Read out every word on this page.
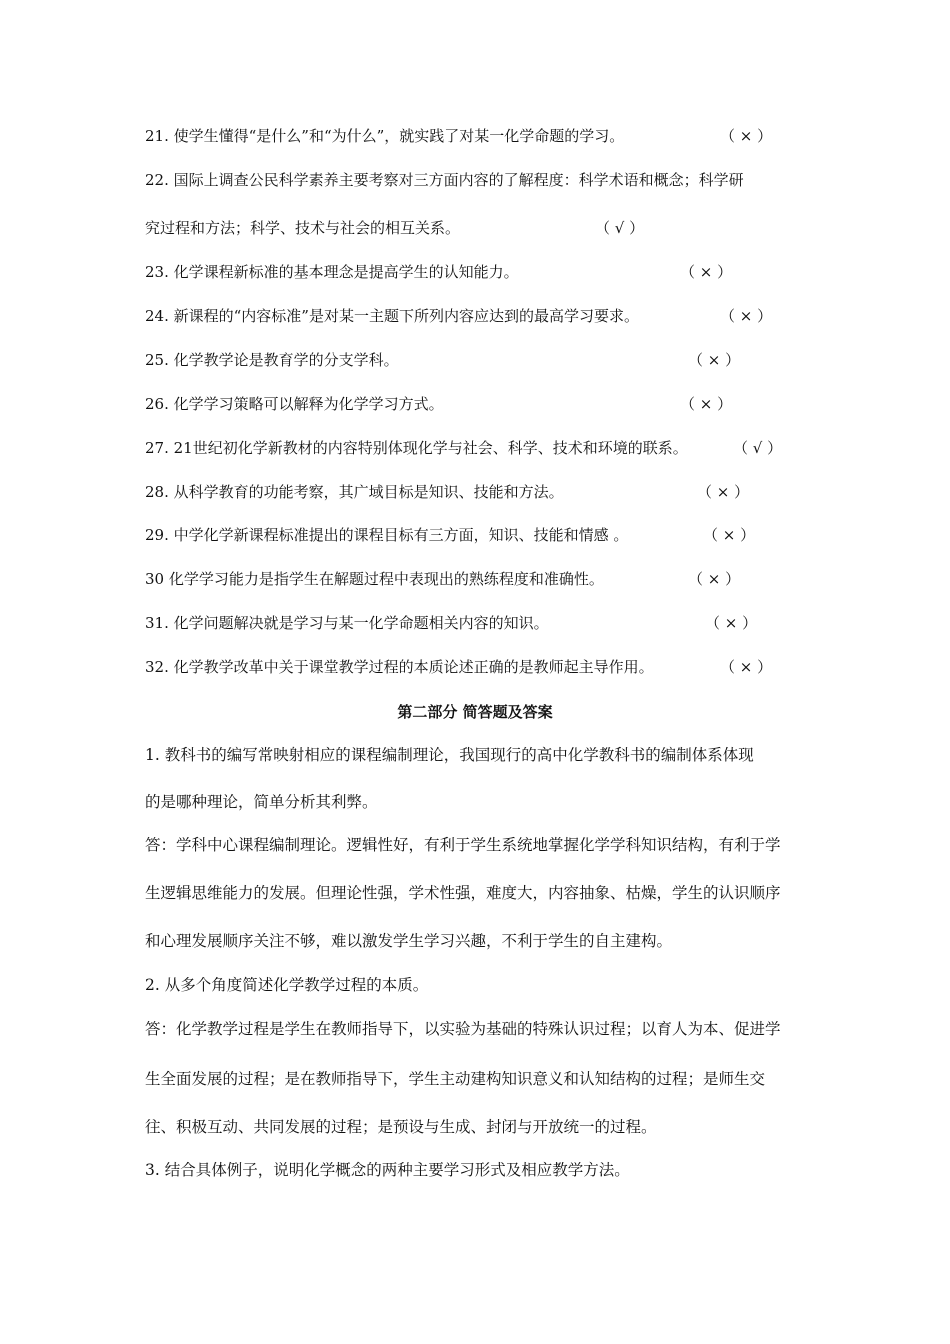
21. 使学生懂得“是什么”和“为什么”，就实践了对某一化学命题的学习。	（ × ）
22. 国际上调查公民科学素养主要考察对三方面内容的了解程度：科学术语和概念；科学研
究过程和方法；科学、技术与社会的相互关系。	（ √ ）
23. 化学课程新标准的基本理念是提高学生的认知能力。	（ × ）
24. 新课程的“内容标准”是对某一主题下所列内容应达到的最高学习要求。	（ × ）
25. 化学教学论是教育学的分支学科。	（ × ）
26. 化学学习策略可以解释为化学学习方式。	（ × ）
27. 21世纪初化学新教材的内容特别体现化学与社会、科学、技术和环境的联系。	（ √ ）
28. 从科学教育的功能考察，其广域目标是知识、技能和方法。	（ × ）
29. 中学化学新课程标准提出的课程目标有三方面，知识、技能和情感 。	（ × ）
30 化学学习能力是指学生在解题过程中表现出的熟练程度和准确性。	（ × ）
31. 化学问题解决就是学习与某一化学命题相关内容的知识。	（ × ）
32. 化学教学改革中关于课堂教学过程的本质论述正确的是教师起主导作用。	（ × ）
第二部分 简答题及答案
1. 教科书的编写常映射相应的课程编制理论，我国现行的高中化学教科书的编制体系体现
的是哪种理论，简单分析其利弊。
答：学科中心课程编制理论。逻辑性好，有利于学生系统地掌握化学学科知识结构，有利于学
生逻辑思维能力的发展。但理论性强，学术性强，难度大，内容抽象、枯燥，学生的认识顺序
和心理发展顺序关注不够，难以激发学生学习兴趣，不利于学生的自主建构。
2. 从多个角度简述化学教学过程的本质。
答：化学教学过程是学生在教师指导下，以实验为基础的特殊认识过程；以育人为本、促进学
生全面发展的过程；是在教师指导下，学生主动建构知识意义和认知结构的过程；是师生交
往、积极互动、共同发展的过程；是预设与生成、封闭与开放统一的过程。
3. 结合具体例子，说明化学概念的两种主要学习形式及相应教学方法。
